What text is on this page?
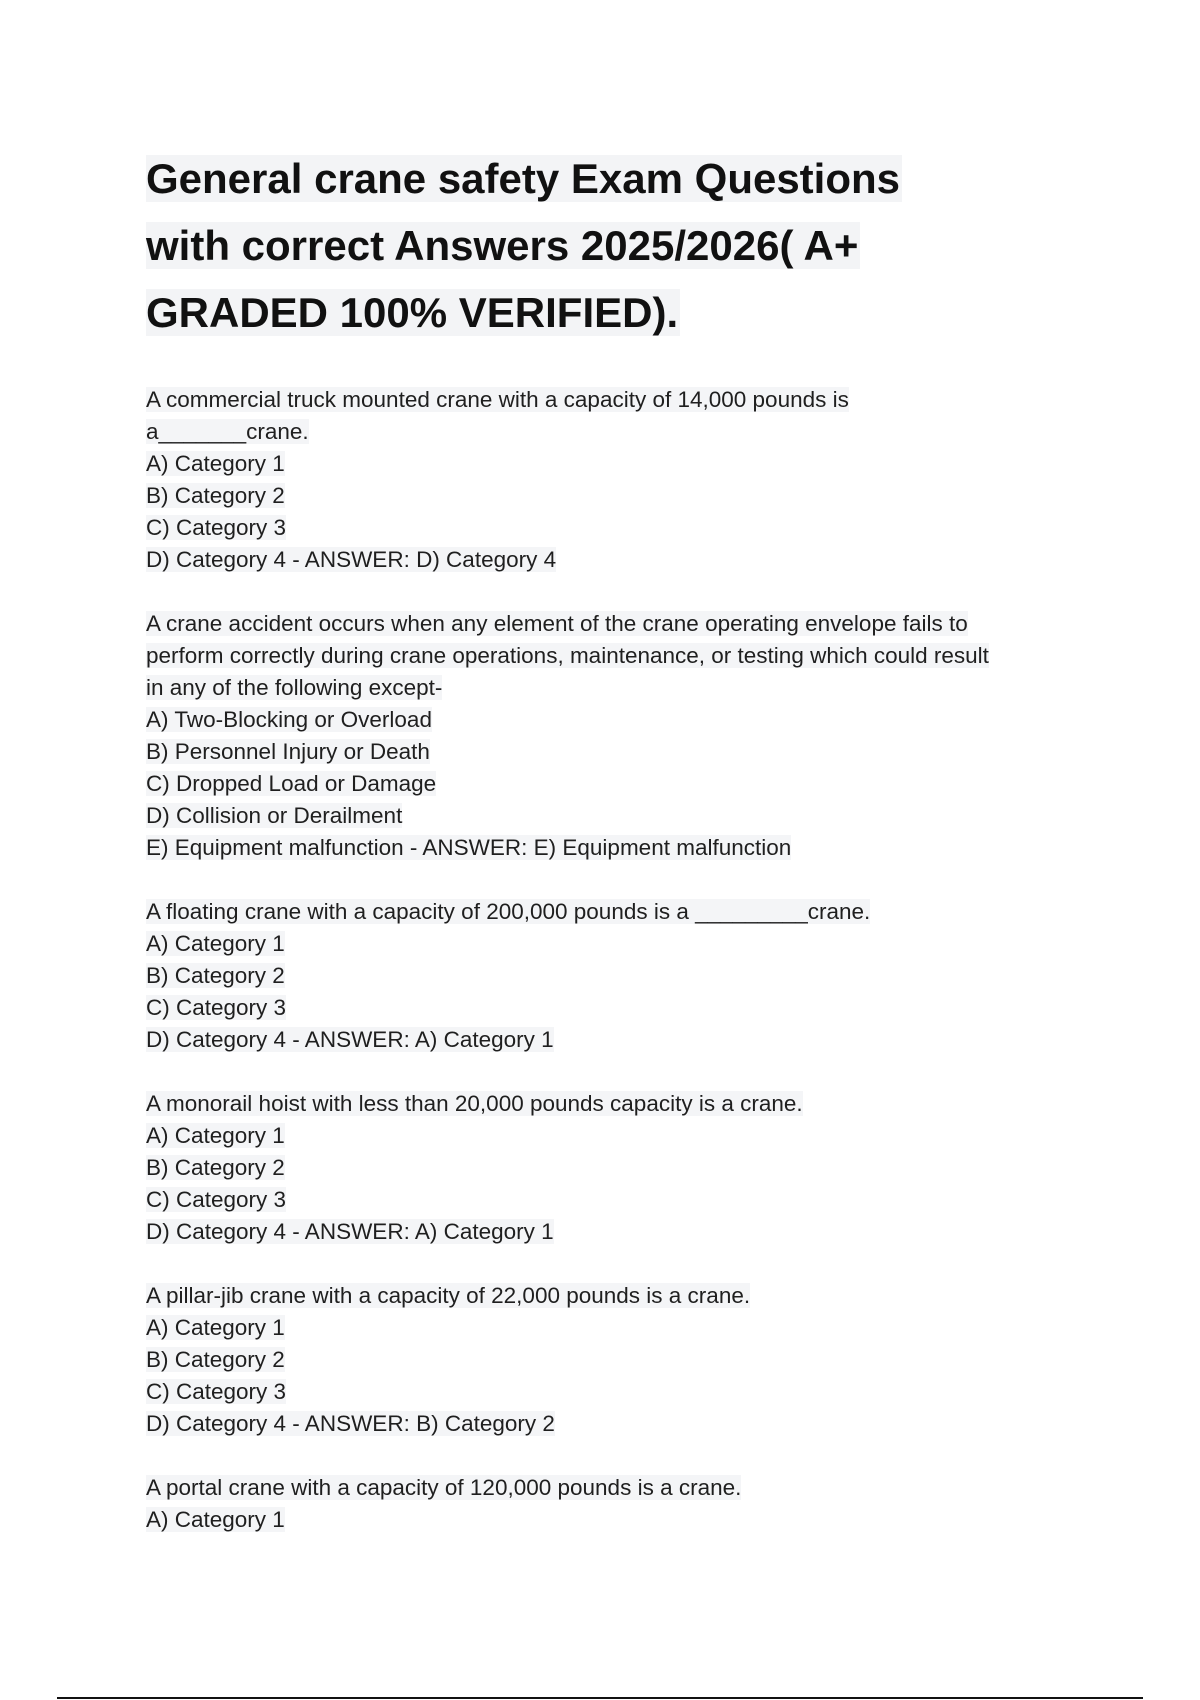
General crane safety Exam Questions
with correct Answers 2025/2026( A+
GRADED 100% VERIFIED).
A commercial truck mounted crane with a capacity of 14,000 pounds is
a_______crane.
A) Category 1
B) Category 2
C) Category 3
D) Category 4 - ANSWER: D) Category 4
A crane accident occurs when any element of the crane operating envelope fails to
perform correctly during crane operations, maintenance, or testing which could result
in any of the following except-
A) Two-Blocking or Overload
B) Personnel Injury or Death
C) Dropped Load or Damage
D) Collision or Derailment
E) Equipment malfunction - ANSWER: E) Equipment malfunction
A floating crane with a capacity of 200,000 pounds is a _________crane.
A) Category 1
B) Category 2
C) Category 3
D) Category 4 - ANSWER: A) Category 1
A monorail hoist with less than 20,000 pounds capacity is a crane.
A) Category 1
B) Category 2
C) Category 3
D) Category 4 - ANSWER: A) Category 1
A pillar-jib crane with a capacity of 22,000 pounds is a crane.
A) Category 1
B) Category 2
C) Category 3
D) Category 4 - ANSWER: B) Category 2
A portal crane with a capacity of 120,000 pounds is a crane.
A) Category 1
